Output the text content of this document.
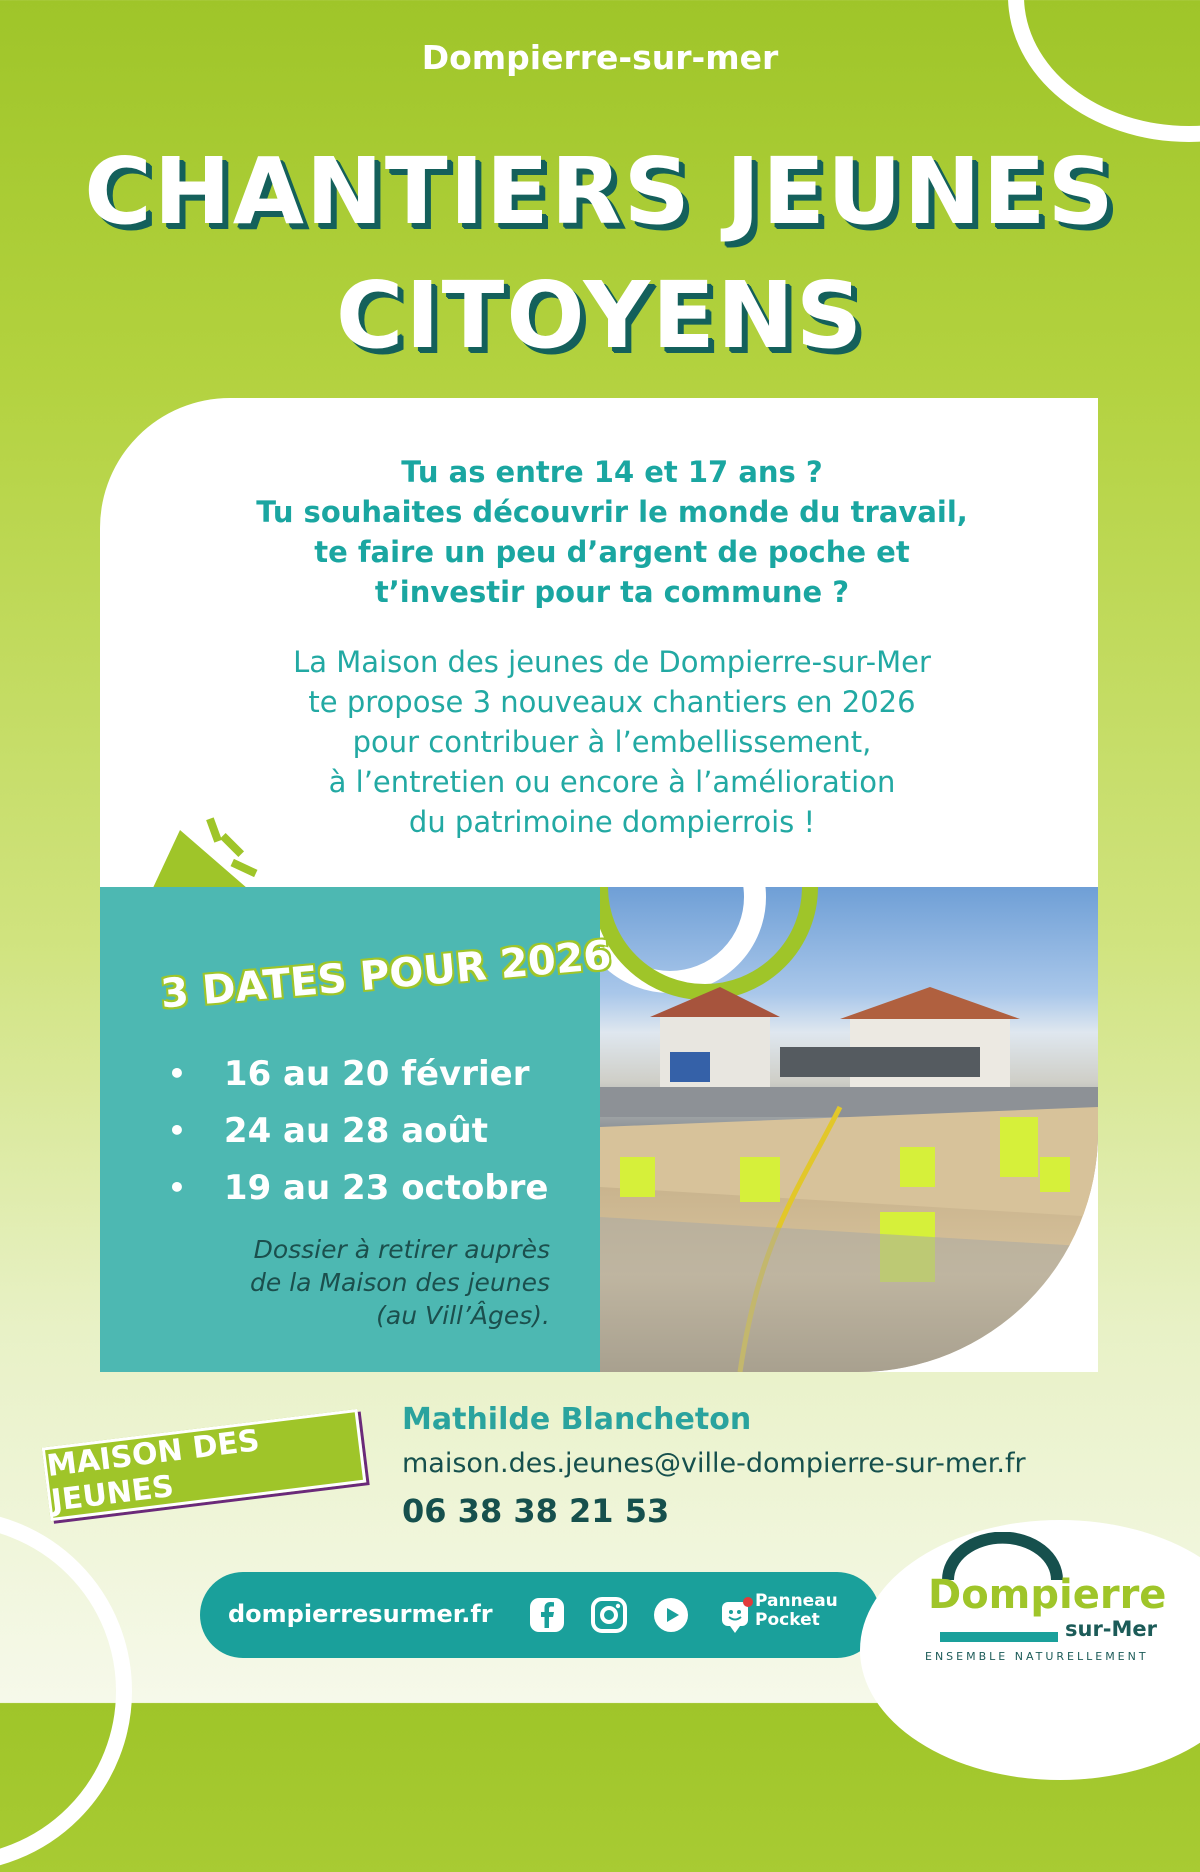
Dompierre-sur-mer
CHANTIERS JEUNES
CITOYENS
Tu as entre 14 et 17 ans ?
Tu souhaites découvrir le monde du travail,
te faire un peu d’argent de poche et
t’investir pour ta commune ?
La Maison des jeunes de Dompierre-sur-Mer
te propose 3 nouveaux chantiers en 2026
pour contribuer à l’embellissement,
à l’entretien ou encore à l’amélioration
du patrimoine dompierrois !
3 DATES POUR 2026
• 16 au 20 février
• 24 au 28 août
• 19 au 23 octobre
Dossier à retirer auprès
de la Maison des jeunes
(au Vill’Âges).
MAISON DES JEUNES
Mathilde Blancheton
maison.des.jeunes@ville-dompierre-sur-mer.fr
06 38 38 21 53
dompierresurmer.fr	Panneau
Pocket
Dompierre
sur-Mer
ENSEMBLE NATURELLEMENT
